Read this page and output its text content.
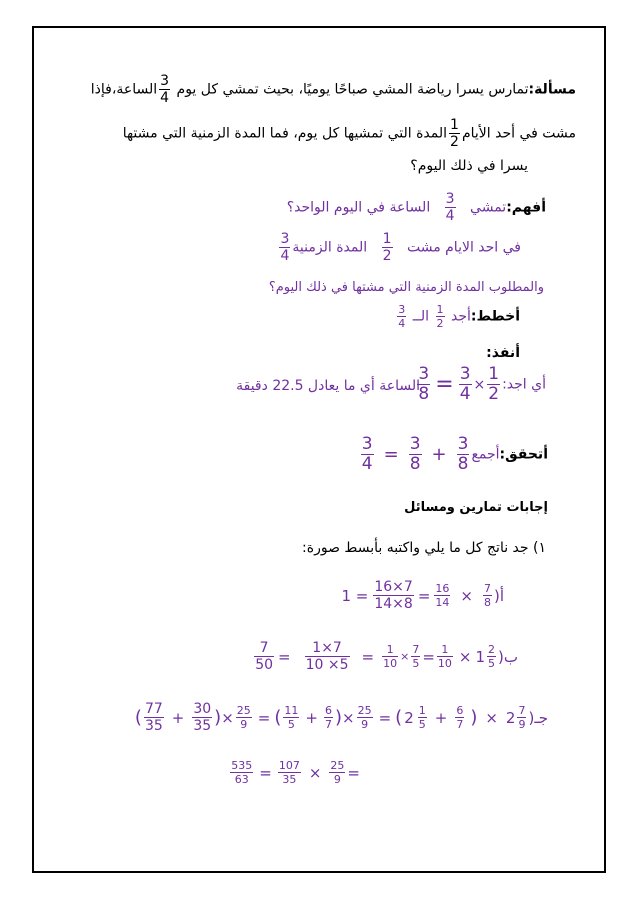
مسألة:تمارس يسرا رياضة المشي صباحًا يوميًا، بحيث تمشي كل يوم
$\frac{3}{4}$
الساعة،فإذا
مشت في أحد الأيام
$\frac{1}{2}$
المدة التي تمشيها كل يوم، فما المدة الزمنية التي مشتها
يسرا في ذلك اليوم؟
أفهم:تمشي
$\frac{3}{4}$
الساعة في اليوم الواحد؟
في احد الايام مشت
$\frac{1}{2}$
المدة الزمنية
$\frac{3}{4}$
والمطلوب المدة الزمنية التي مشتها في ذلك اليوم؟
أخطط:أجد
$\frac{1}{2}$
الــ
$\frac{3}{4}$
أنفذ:
أي اجد:
$\frac{3}{8} = \frac{3}{4} \times \frac{1}{2}$
الساعة أي ما يعادل 22.5 دقيقة
أتحقق:أجمع
$\frac{3}{4} = \frac{3}{8} + \frac{3}{8}$
إجابات تمارين ومسائل
١) جد ناتج كل ما يلي واكتبه بأبسط صورة:
أ(1 = $\frac{16\times 7}{14\times 8} = \frac{16}{14} \times \frac{7}{8}$
ب(
$\frac{7}{50} = \frac{1\times 7}{10 \times 5} = \frac{1}{10} \times \frac{7}{5} = \frac{1}{10} \times 1 \frac{2}{5}$
جـ(( $\frac{77}{35} + \frac{30}{35}$ )× $\frac{25}{9}$ = ( $\frac{11}{5} + \frac{6}{7}$ )× $\frac{25}{9}$ = ( $2 \frac{1}{5} + \frac{6}{7}$ ) × $2 \frac{7}{9}$
$\frac{535}{63} = \frac{107}{35} \times \frac{25}{9}$ =
